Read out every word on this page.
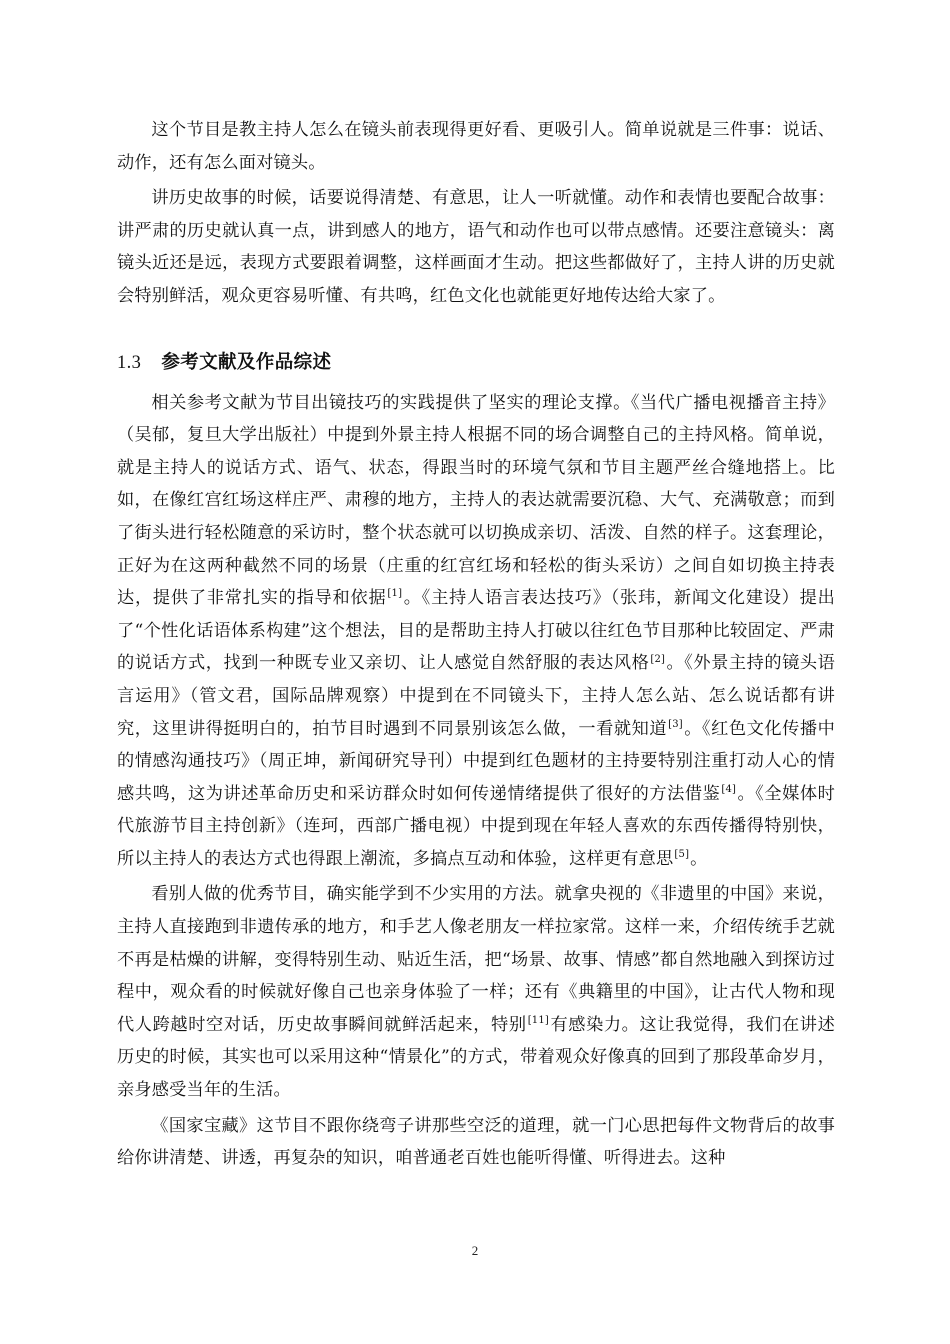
这个节目是教主持人怎么在镜头前表现得更好看、更吸引人。简单说就是三件事：说话、动作，还有怎么面对镜头。

讲历史故事的时候，话要说得清楚、有意思，让人一听就懂。动作和表情也要配合故事：讲严肃的历史就认真一点，讲到感人的地方，语气和动作也可以带点感情。还要注意镜头：离镜头近还是远，表现方式要跟着调整，这样画面才生动。把这些都做好了，主持人讲的历史就会特别鲜活，观众更容易听懂、有共鸣，红色文化也就能更好地传达给大家了。

1.3 参考文献及作品综述

相关参考文献为节目出镜技巧的实践提供了坚实的理论支撑。《当代广播电视播音主持》（吴郁，复旦大学出版社）中提到外景主持人根据不同的场合调整自己的主持风格。简单说，就是主持人的说话方式、语气、状态，得跟当时的环境气氛和节目主题严丝合缝地搭上。比如，在像红宫红场这样庄严、肃穆的地方，主持人的表达就需要沉稳、大气、充满敬意；而到了街头进行轻松随意的采访时，整个状态就可以切换成亲切、活泼、自然的样子。这套理论，正好为在这两种截然不同的场景（庄重的红宫红场和轻松的街头采访）之间自如切换主持表达，提供了非常扎实的指导和依据[1]。《主持人语言表达技巧》（张玮，新闻文化建设）提出了“个性化话语体系构建”这个想法，目的是帮助主持人打破以往红色节目那种比较固定、严肃的说话方式，找到一种既专业又亲切、让人感觉自然舒服的表达风格[2]。《外景主持的镜头语言运用》（管文君，国际品牌观察）中提到在不同镜头下，主持人怎么站、怎么说话都有讲究，这里讲得挺明白的，拍节目时遇到不同景别该怎么做，一看就知道[3]。《红色文化传播中的情感沟通技巧》（周正坤，新闻研究导刊）中提到红色题材的主持要特别注重打动人心的情感共鸣，这为讲述革命历史和采访群众时如何传递情绪提供了很好的方法借鉴[4]。《全媒体时代旅游节目主持创新》（连珂，西部广播电视）中提到现在年轻人喜欢的东西传播得特别快，所以主持人的表达方式也得跟上潮流，多搞点互动和体验，这样更有意思[5]。

看别人做的优秀节目，确实能学到不少实用的方法。就拿央视的《非遗里的中国》来说，主持人直接跑到非遗传承的地方，和手艺人像老朋友一样拉家常。这样一来，介绍传统手艺就不再是枯燥的讲解，变得特别生动、贴近生活，把“场景、故事、情感”都自然地融入到探访过程中，观众看的时候就好像自己也亲身体验了一样；还有《典籍里的中国》，让古代人物和现代人跨越时空对话，历史故事瞬间就鲜活起来，特别[11]有感染力。这让我觉得，我们在讲述历史的时候，其实也可以采用这种“情景化”的方式，带着观众好像真的回到了那段革命岁月，亲身感受当年的生活。

《国家宝藏》这节目不跟你绕弯子讲那些空泛的道理，就一门心思把每件文物背后的故事给你讲清楚、讲透，再复杂的知识，咱普通老百姓也能听得懂、听得进去。这种

2
